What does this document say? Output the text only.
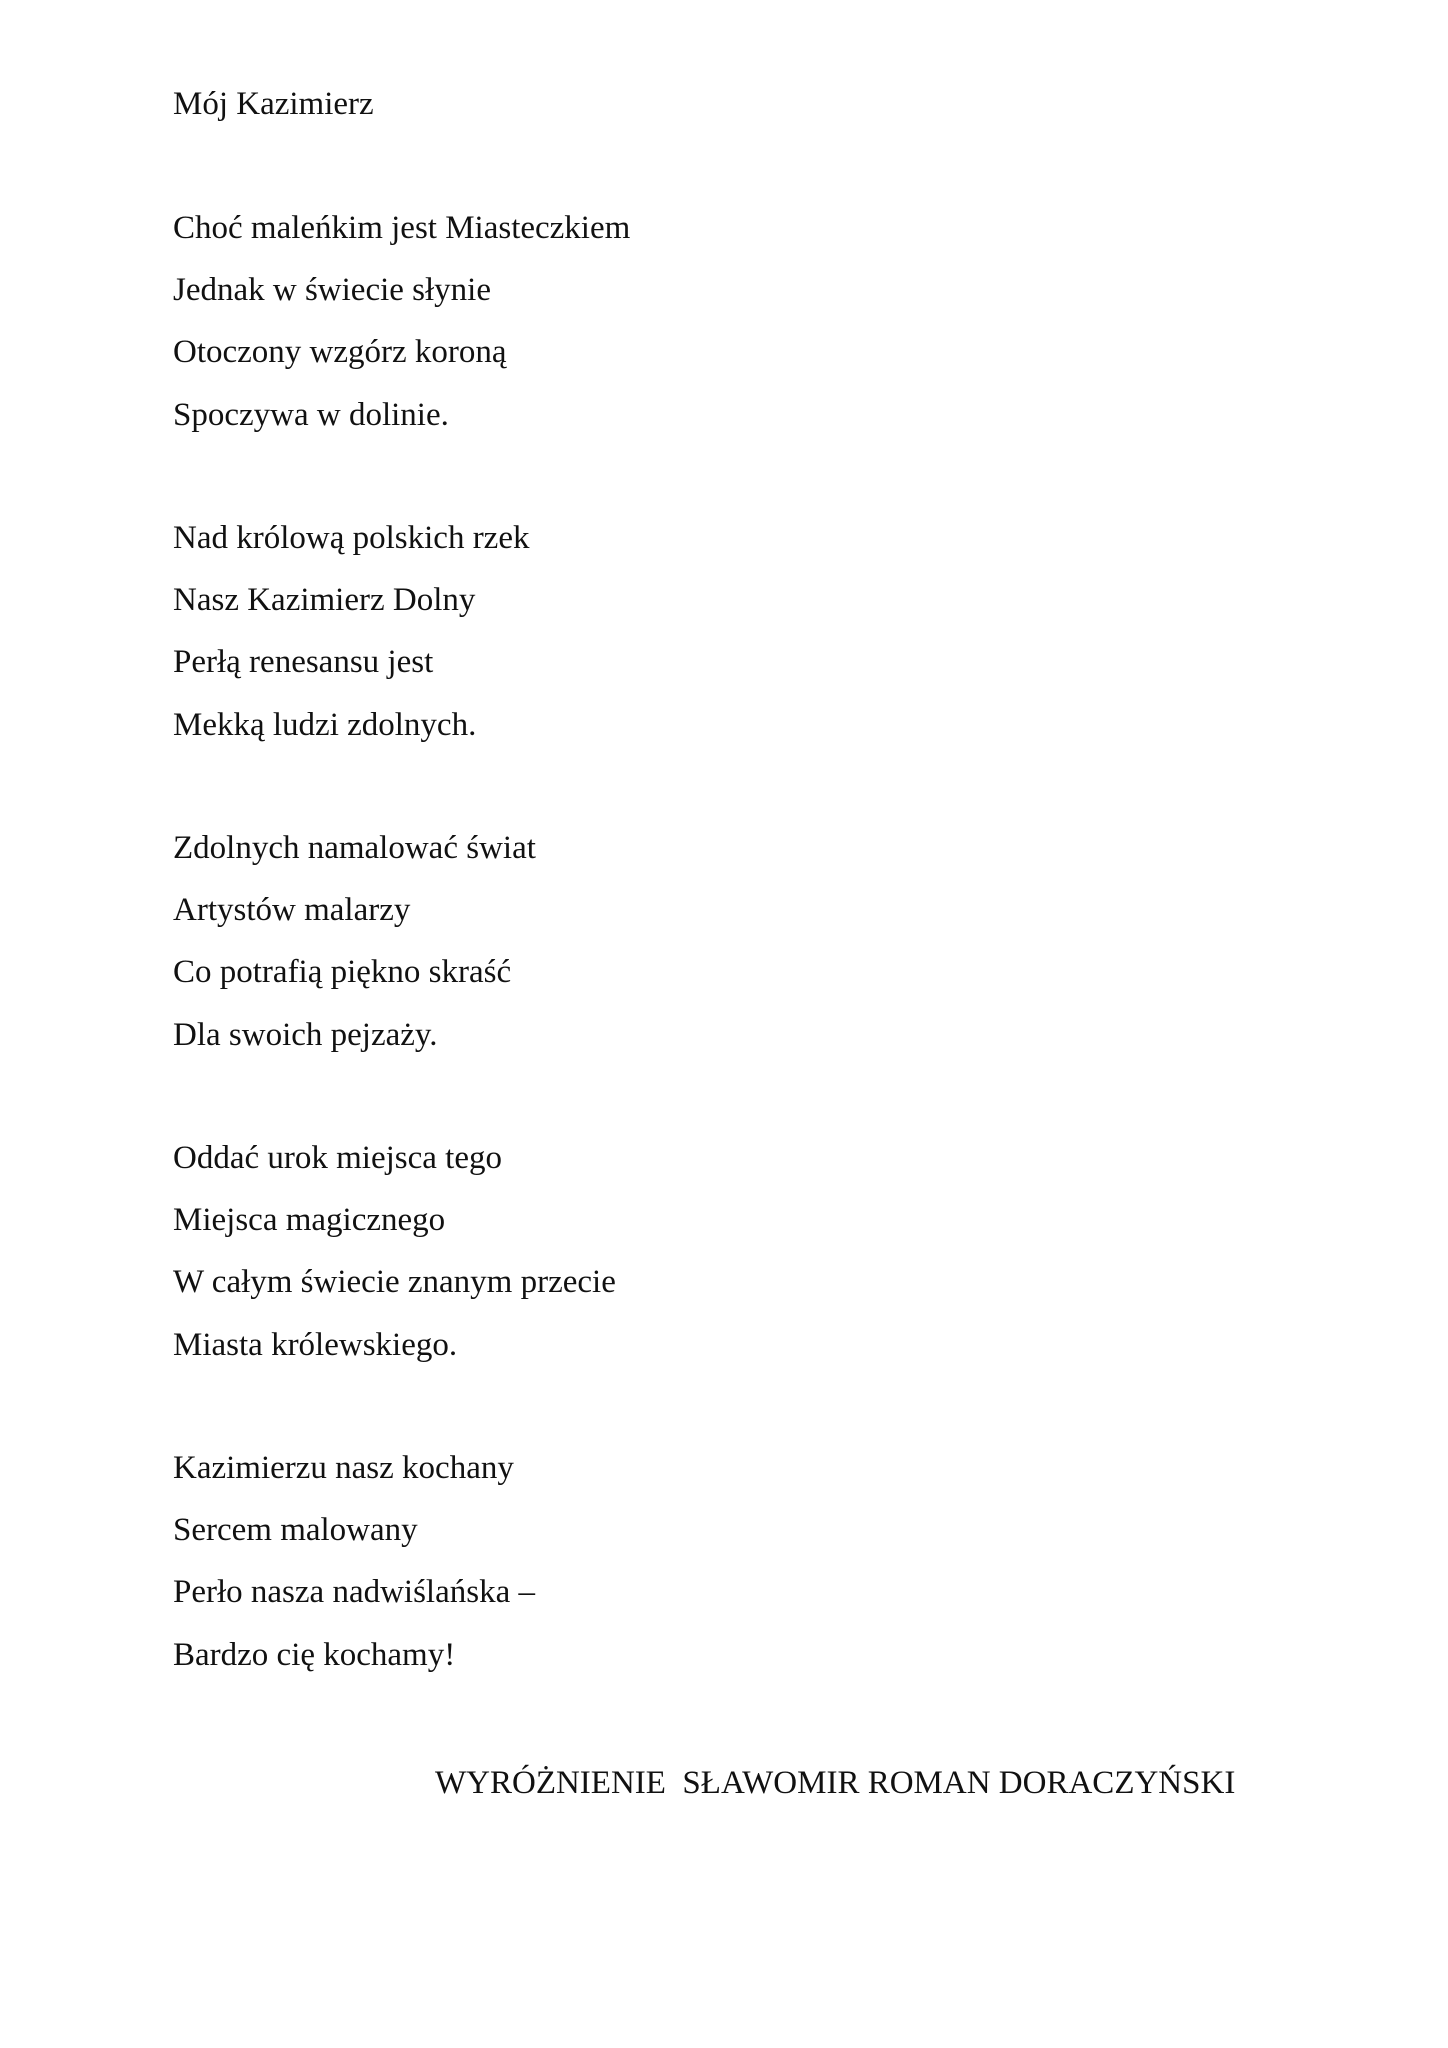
Mój Kazimierz
Choć maleńkim jest Miasteczkiem
Jednak w świecie słynie
Otoczony wzgórz koroną
Spoczywa w dolinie.
Nad królową polskich rzek
Nasz Kazimierz Dolny
Perłą renesansu jest
Mekką ludzi zdolnych.
Zdolnych namalować świat
Artystów malarzy
Co potrafią piękno skraść
Dla swoich pejzaży.
Oddać urok miejsca tego
Miejsca magicznego
W całym świecie znanym przecie
Miasta królewskiego.
Kazimierzu nasz kochany
Sercem malowany
Perło nasza nadwiślańska –
Bardzo cię kochamy!
WYRÓŻNIENIE  SŁAWOMIR ROMAN DORACZYŃSKI
